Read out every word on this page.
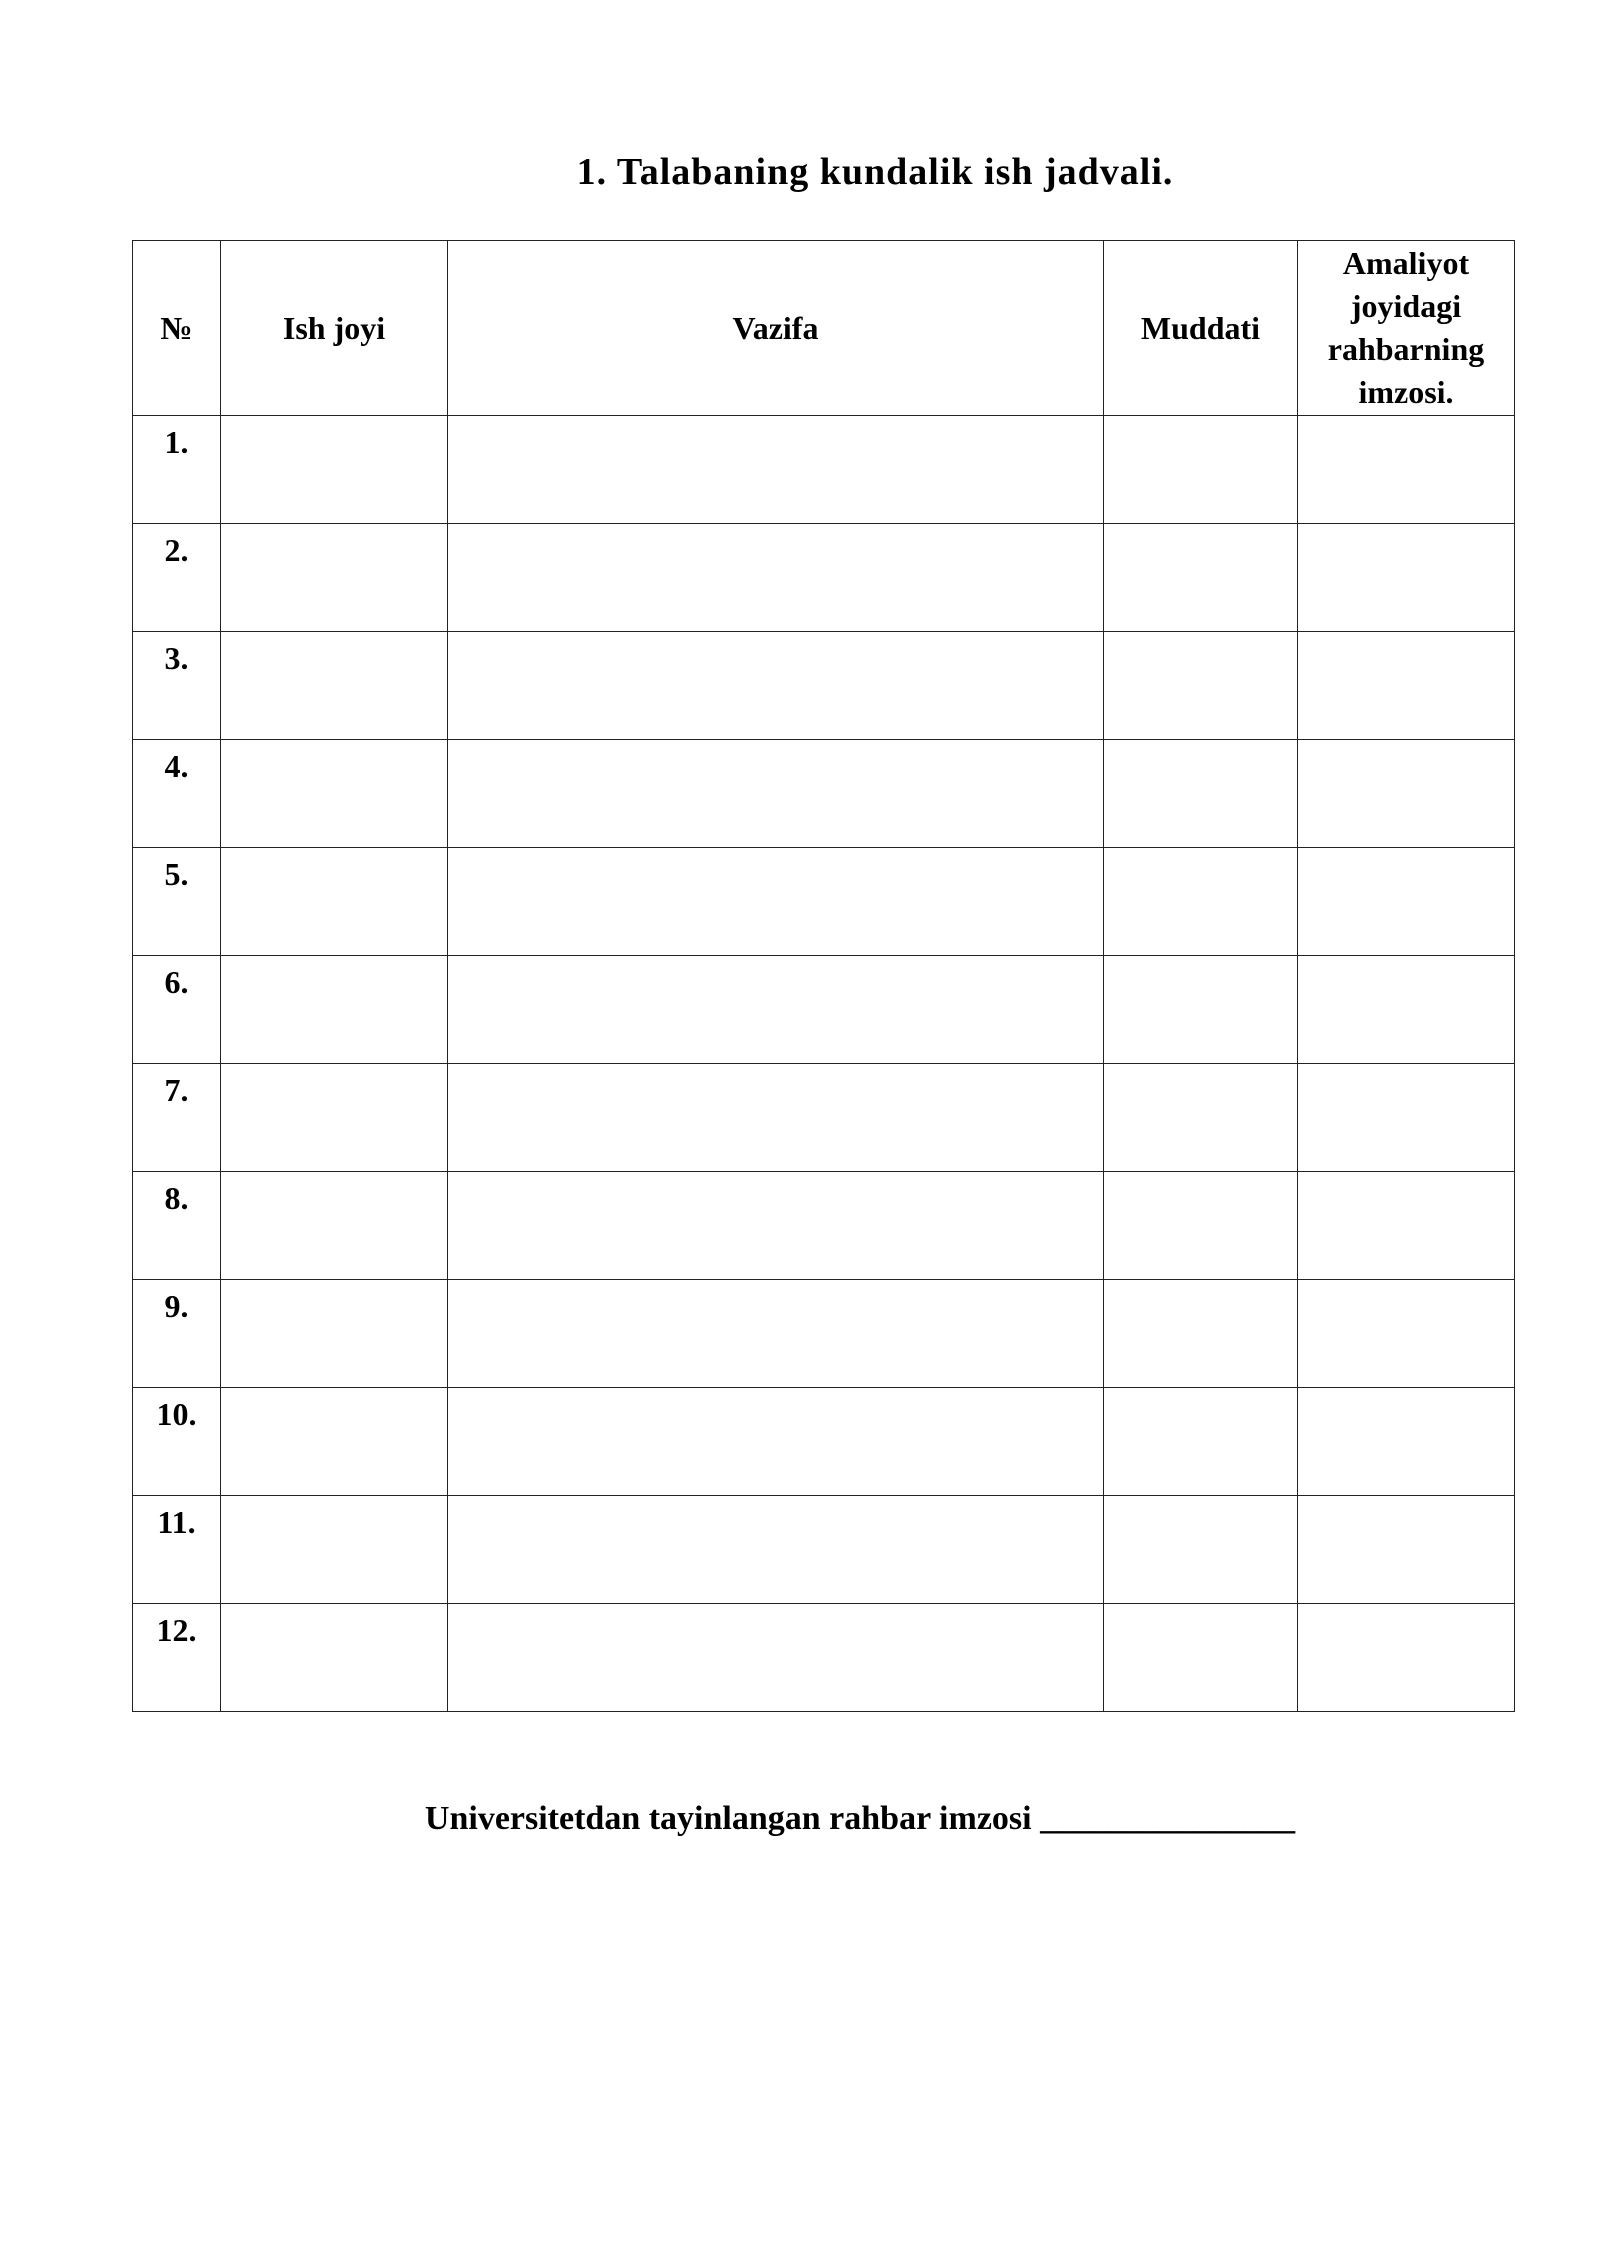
1. Talabaning kundalik ish jadvali.
№	Ish joyi	Vazifa	Muddati	Amaliyot joyidagi rahbarning imzosi.
1.				
2.				
3.				
4.				
5.				
6.				
7.				
8.				
9.				
10.				
11.				
12.				
Universitetdan tayinlangan rahbar imzosi _______________
